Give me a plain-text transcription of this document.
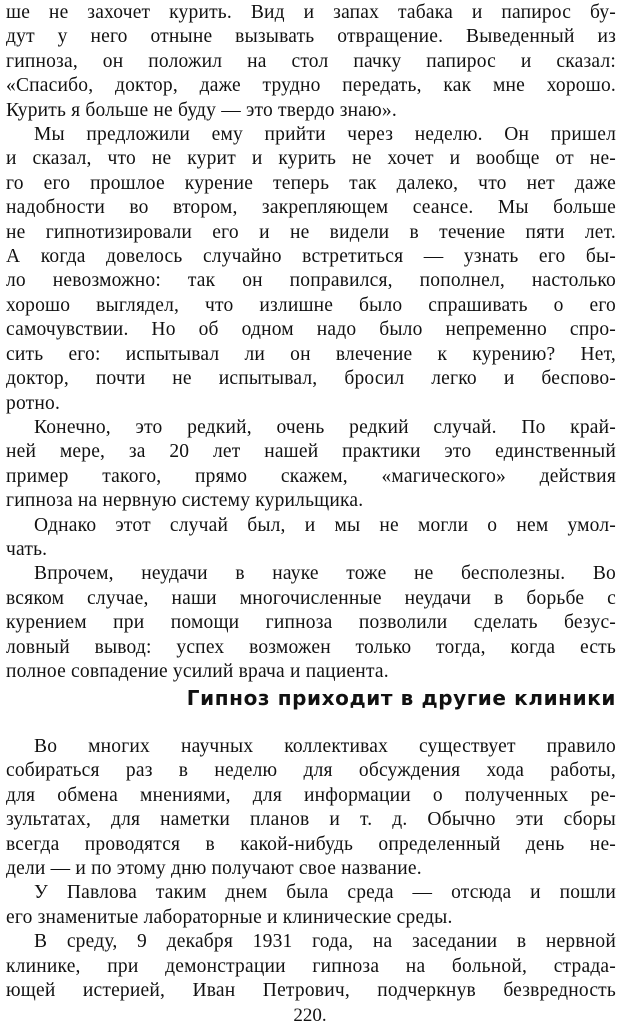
ше не захочет курить. Вид и запах табака и папирос бу-

дут у него отныне вызывать отвращение. Выведенный из

гипноза, он положил на стол пачку папирос и сказал:

«Спасибо, доктор, даже трудно передать, как мне хорошо.

Курить я больше не буду — это твердо знаю».

Мы предложили ему прийти через неделю. Он пришел

и сказал, что не курит и курить не хочет и вообще от не-

го его прошлое курение теперь так далеко, что нет даже

надобности во втором, закрепляющем сеансе. Мы больше

не гипнотизировали его и не видели в течение пяти лет.

А когда довелось случайно встретиться — узнать его бы-

ло невозможно: так он поправился, пополнел, настолько

хорошо выглядел, что излишне было спрашивать о его

самочувствии. Но об одном надо было непременно спро-

сить его: испытывал ли он влечение к курению? Нет,

доктор, почти не испытывал, бросил легко и беспово-

ротно.

Конечно, это редкий, очень редкий случай. По край-

ней мере, за 20 лет нашей практики это единственный

пример такого, прямо скажем, «магического» действия

гипноза на нервную систему курильщика.

Однако этот случай был, и мы не могли о нем умол-

чать.

Впрочем, неудачи в науке тоже не бесполезны. Во

всяком случае, наши многочисленные неудачи в борьбе с

курением при помощи гипноза позволили сделать безус-

ловный вывод: успех возможен только тогда, когда есть

полное совпадение усилий врача и пациента.

Гипноз приходит в другие клиники

Во многих научных коллективах существует правило

собираться раз в неделю для обсуждения хода работы,

для обмена мнениями, для информации о полученных ре-

зультатах, для наметки планов и т. д. Обычно эти сборы

всегда проводятся в какой-нибудь определенный день не-

дели — и по этому дню получают свое название.

У Павлова таким днем была среда — отсюда и пошли

его знаменитые лабораторные и клинические среды.

В среду, 9 декабря 1931 года, на заседании в нервной

клинике, при демонстрации гипноза на больной, страда-

ющей истерией, Иван Петрович, подчеркнув безвредность

220.
